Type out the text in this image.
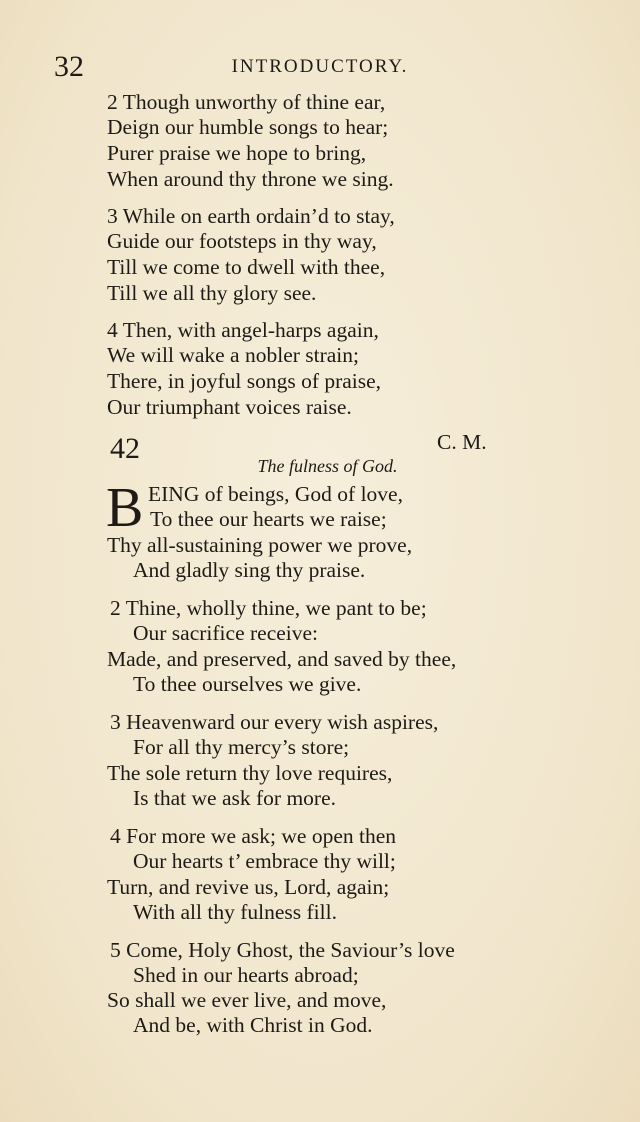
32	INTRODUCTORY.
2 Though unworthy of thine ear,
Deign our humble songs to hear;
Purer praise we hope to bring,
When around thy throne we sing.
3 While on earth ordain’d to stay,
Guide our footsteps in thy way,
Till we come to dwell with thee,
Till we all thy glory see.
4 Then, with angel-harps again,
We will wake a nobler strain;
There, in joyful songs of praise,
Our triumphant voices raise.
42	C. M.
The fulness of God.
B EING of beings, God of love,
To thee our hearts we raise;
Thy all-sustaining power we prove,
And gladly sing thy praise.
2 Thine, wholly thine, we pant to be;
Our sacrifice receive:
Made, and preserved, and saved by thee,
To thee ourselves we give.
3 Heavenward our every wish aspires,
For all thy mercy’s store;
The sole return thy love requires,
Is that we ask for more.
4 For more we ask; we open then
Our hearts t’ embrace thy will;
Turn, and revive us, Lord, again;
With all thy fulness fill.
5 Come, Holy Ghost, the Saviour’s love
Shed in our hearts abroad;
So shall we ever live, and move,
And be, with Christ in God.
